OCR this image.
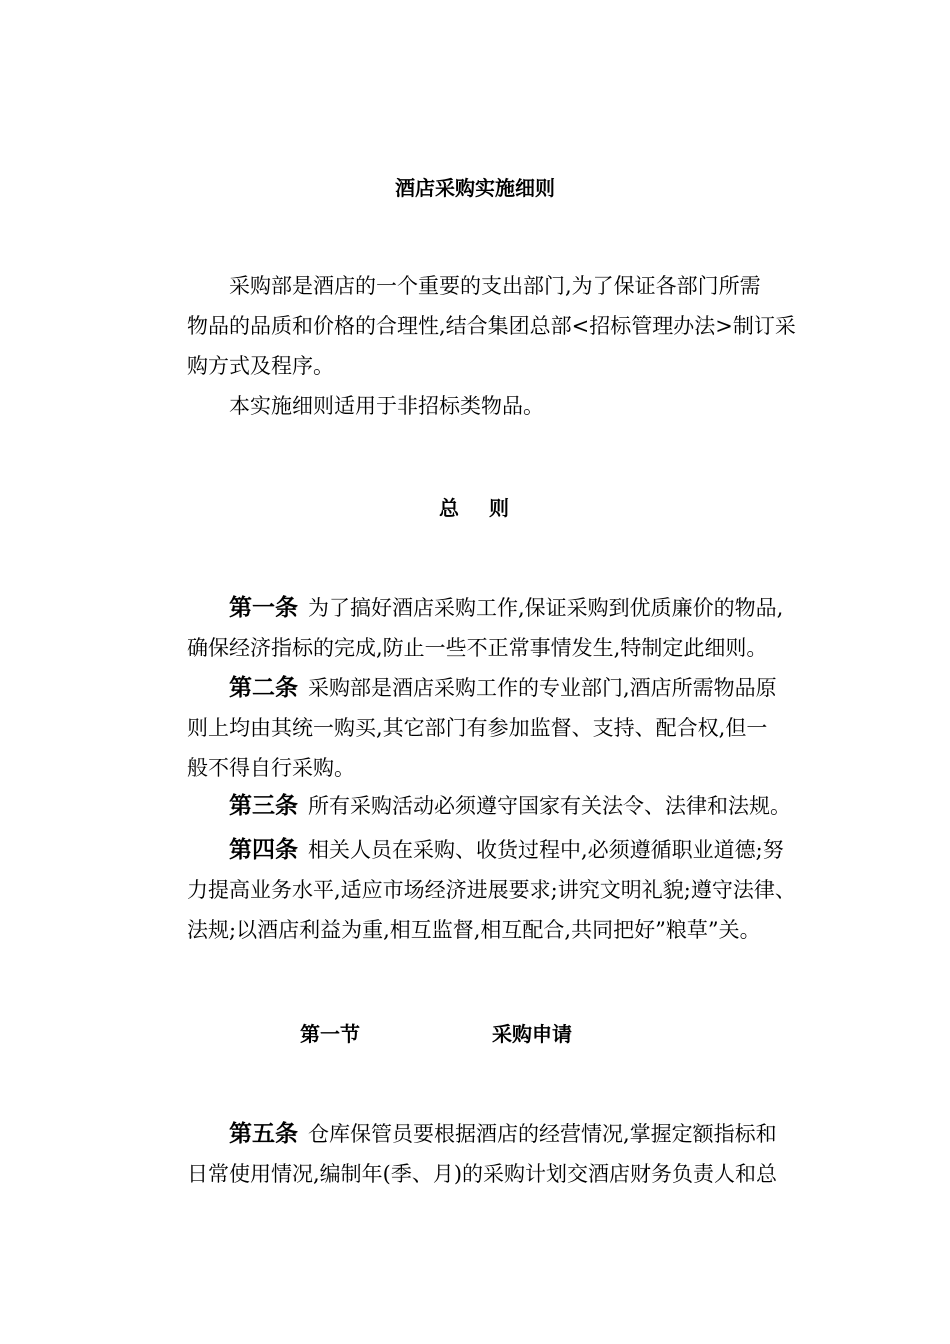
酒店采购实施细则
采购部是酒店的一个重要的支出部门,为了保证各部门所需
物品的品质和价格的合理性,结合集团总部<招标管理办法>制订采
购方式及程序。
本实施细则适用于非招标类物品。
总 则
第一条 为了搞好酒店采购工作,保证采购到优质廉价的物品,
确保经济指标的完成,防止一些不正常事情发生,特制定此细则。
第二条 采购部是酒店采购工作的专业部门,酒店所需物品原
则上均由其统一购买,其它部门有参加监督、支持、配合权,但一
般不得自行采购。
第三条 所有采购活动必须遵守国家有关法令、法律和法规。
第四条 相关人员在采购、收货过程中,必须遵循职业道德;努
力提高业务水平,适应市场经济进展要求;讲究文明礼貌;遵守法律、
法规;以酒店利益为重,相互监督,相互配合,共同把好”粮草”关。
第一节	采购申请
第五条 仓库保管员要根据酒店的经营情况,掌握定额指标和
日常使用情况,编制年(季、月)的采购计划交酒店财务负责人和总
